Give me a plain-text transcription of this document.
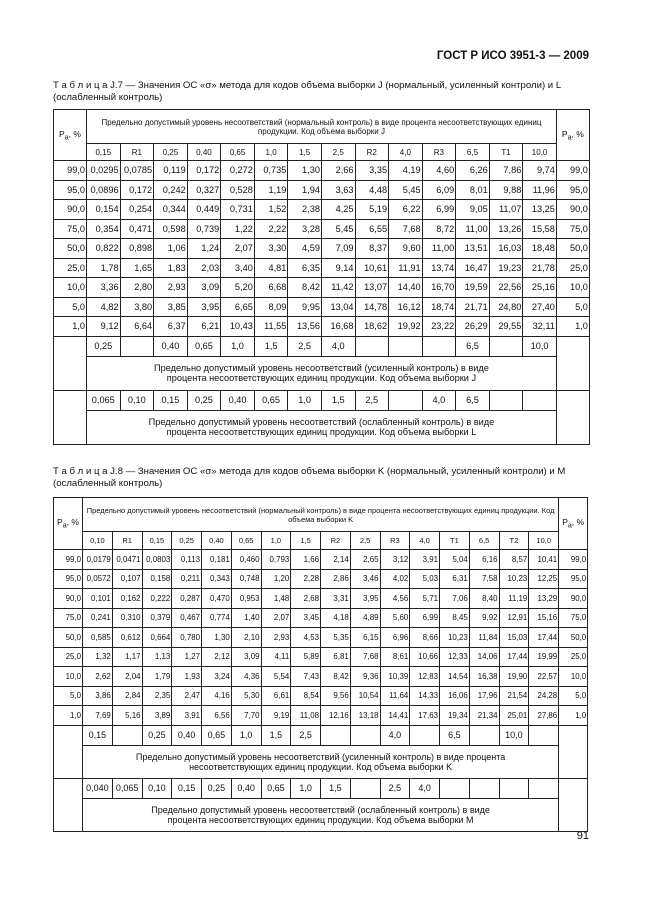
ГОСТ Р ИСО 3951-3 — 2009
Т а б л и ц а J.7 — Значения ОС «σ» метода для кодов объема выборки J (нормальный, усиленный контроли) и L (ослабленный контроль)
$P_a$, %	Предельно допустимый уровень несоответствий (нормальный контроль) в виде процента несоответствующих единиц продукции. Код объема выборки J														$P_a$, %
	0,15	R1	0,25	0,40	0,65	1,0	1,5	2,5	R2	4,0	R3	6,5	T1	10,0	
99,0	0,0295	0,0785	0,119	0,172	0,272	0,735	1,30	2,66	3,35	4,19	4,60	6,26	7,86	9,74	99,0
95,0	0,0896	0,172	0,242	0,327	0,528	1,19	1,94	3,63	4,48	5,45	6,09	8,01	9,88	11,96	95,0
90,0	0,154	0,254	0,344	0,449	0,731	1,52	2,38	4,25	5,19	6,22	6,99	9,05	11,07	13,25	90,0
75,0	0,354	0,471	0,598	0,739	1,22	2,22	3,28	5,45	6,55	7,68	8,72	11,00	13,26	15,58	75,0
50,0	0,822	0,898	1,06	1,24	2,07	3,30	4,59	7,09	8,37	9,60	11,00	13,51	16,03	18,48	50,0
25,0	1,78	1,65	1,83	2,03	3,40	4,81	6,35	9,14	10,61	11,91	13,74	16,47	19,23	21,78	25,0
10,0	3,36	2,80	2,93	3,09	5,20	6,68	8,42	11,42	13,07	14,40	16,70	19,59	22,56	25,16	10,0
5,0	4,82	3,80	3,85	3,95	6,65	8,09	9,95	13,04	14,78	16,12	18,74	21,71	24,80	27,40	5,0
1,0	9,12	6,64	6,37	6,21	10,43	11,55	13,56	16,68	18,62	19,92	23,22	26,29	29,55	32,11	1,0
	0,25		0,40	0,65	1,0	1,5	2,5	4,0				6,5		10,0	
	Предельно допустимый уровень несоответствий (усиленный контроль) в виде процента несоответствующих единиц продукции. Код объема выборки J														
	0,065	0,10	0,15	0,25	0,40	0,65	1,0	1,5	2,5		4,0	6,5			
	Предельно допустимый уровень несоответствий (ослабленный контроль) в виде процента несоответствующих единиц продукции. Код объема выборки L														
Т а б л и ц а J.8 — Значения ОС «σ» метода для кодов объема выборки K (нормальный, усиленный контроли) и M (ослабленный контроль)
$P_a$, %	Предельно допустимый уровень несоответствий (нормальный контроль) в виде процента несоответствующих единиц продукции. Код объема выборки K																$P_a$, %
	0,10	R1	0,15	0,25	0,40	0,65	1,0	1,5	R2	2,5	R3	4,0	T1	6,5	T2	10,0	
99,0	0,0179	0,0471	0,0803	0,113	0,181	0,460	0,793	1,66	2,14	2,65	3,12	3,91	5,04	6,16	8,57	10,41	99,0
95,0	0,0572	0,107	0,158	0,211	0,343	0,748	1,20	2,28	2,86	3,46	4,02	5,03	6,31	7,58	10,23	12,25	95,0
90,0	0,101	0,162	0,222	0,287	0,470	0,953	1,48	2,68	3,31	3,95	4,56	5,71	7,06	8,40	11,19	13,29	90,0
75,0	0,241	0,310	0,379	0,467	0,774	1,40	2,07	3,45	4,18	4,89	5,60	6,99	8,45	9,92	12,91	15,16	75,0
50,0	0,585	0,612	0,664	0,780	1,30	2,10	2,93	4,53	5,35	6,15	6,96	8,66	10,23	11,84	15,03	17,44	50,0
25,0	1,32	1,17	1,13	1,27	2,12	3,09	4,11	5,89	6,81	7,68	8,61	10,66	12,33	14,06	17,44	19,99	25,0
10,0	2,62	2,04	1,79	1,93	3,24	4,36	5,54	7,43	8,42	9,36	10,39	12,83	14,54	16,38	19,90	22,57	10,0
5,0	3,86	2,84	2,35	2,47	4,16	5,30	6,61	8,54	9,56	10,54	11,64	14,33	16,06	17,96	21,54	24,28	5,0
1,0	7,69	5,16	3,89	3,91	6,56	7,70	9,19	11,08	12,16	13,18	14,41	17,63	19,34	21,34	25,01	27,86	1,0
	0,15		0,25	0,40	0,65	1,0	1,5	2,5			4,0		6,5		10,0		
	Предельно допустимый уровень несоответствий (усиленный контроль) в виде процента несоответствующих единиц продукции. Код объема выборки K																
	0,040	0,065	0,10	0,15	0,25	0,40	0,65	1,0	1,5		2,5	4,0					
	Предельно допустимый уровень несоответствий (ослабленный контроль) в виде процента несоответствующих единиц продукции. Код объема выборки M																
91
